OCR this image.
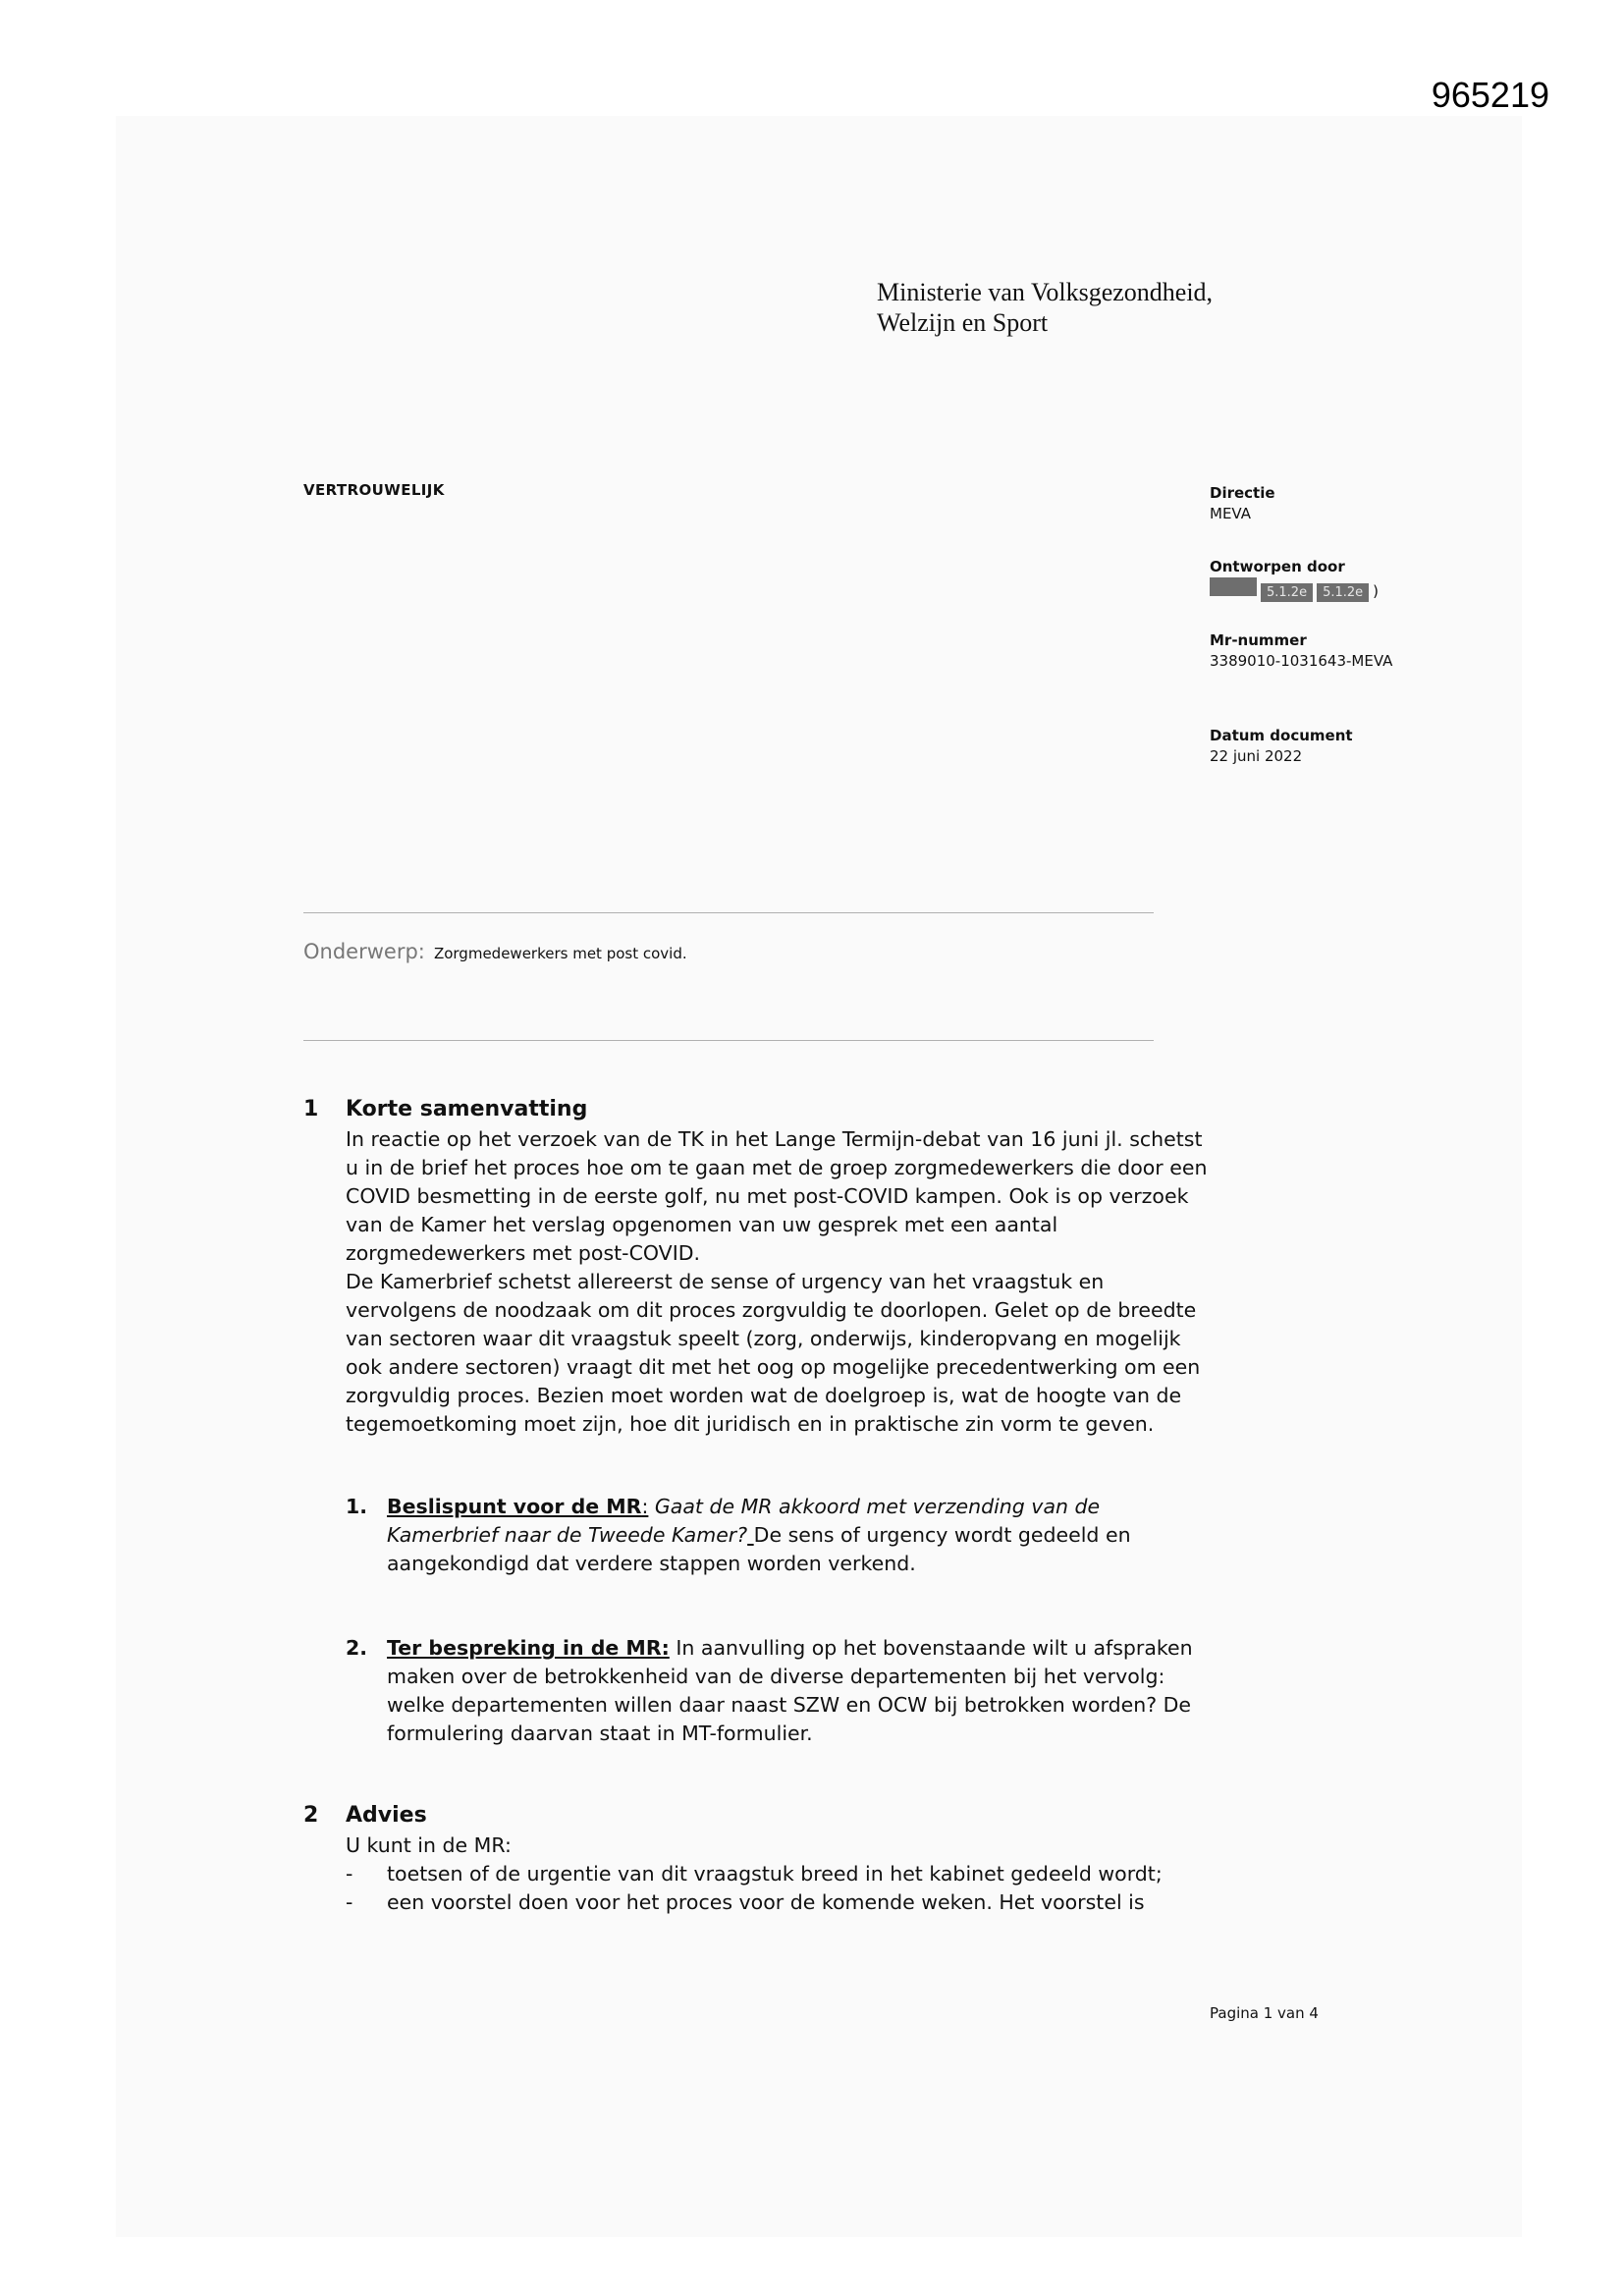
965219
Ministerie van Volksgezondheid,
Welzijn en Sport
VERTROUWELIJK	Directie
MEVA
Ontworpen door
5.1.2e 5.1.2e )
Mr-nummer
3389010-1031643-MEVA
Datum document
22 juni 2022
Onderwerp: Zorgmedewerkers met post covid.
1 Korte samenvatting

In reactie op het verzoek van de TK in het Lange Termijn-debat van 16 juni jl. schetst u in de brief het proces hoe om te gaan met de groep zorgmedewerkers die door een COVID besmetting in de eerste golf, nu met post-COVID kampen. Ook is op verzoek van de Kamer het verslag opgenomen van uw gesprek met een aantal zorgmedewerkers met post-COVID.

De Kamerbrief schetst allereerst de sense of urgency van het vraagstuk en vervolgens de noodzaak om dit proces zorgvuldig te doorlopen. Gelet op de breedte van sectoren waar dit vraagstuk speelt (zorg, onderwijs, kinderopvang en mogelijk ook andere sectoren) vraagt dit met het oog op mogelijke precedentwerking om een zorgvuldig proces. Bezien moet worden wat de doelgroep is, wat de hoogte van de tegemoetkoming moet zijn, hoe dit juridisch en in praktische zin vorm te geven.

1. Beslispunt voor de MR: Gaat de MR akkoord met verzending van de Kamerbrief naar de Tweede Kamer? De sens of urgency wordt gedeeld en aangekondigd dat verdere stappen worden verkend.
2. Ter bespreking in de MR: In aanvulling op het bovenstaande wilt u afspraken maken over de betrokkenheid van de diverse departementen bij het vervolg: welke departementen willen daar naast SZW en OCW bij betrokken worden? De formulering daarvan staat in MT-formulier.
2 Advies
U kunt in de MR:
- toetsen of de urgentie van dit vraagstuk breed in het kabinet gedeeld wordt;
- een voorstel doen voor het proces voor de komende weken. Het voorstel is
Pagina 1 van 4
